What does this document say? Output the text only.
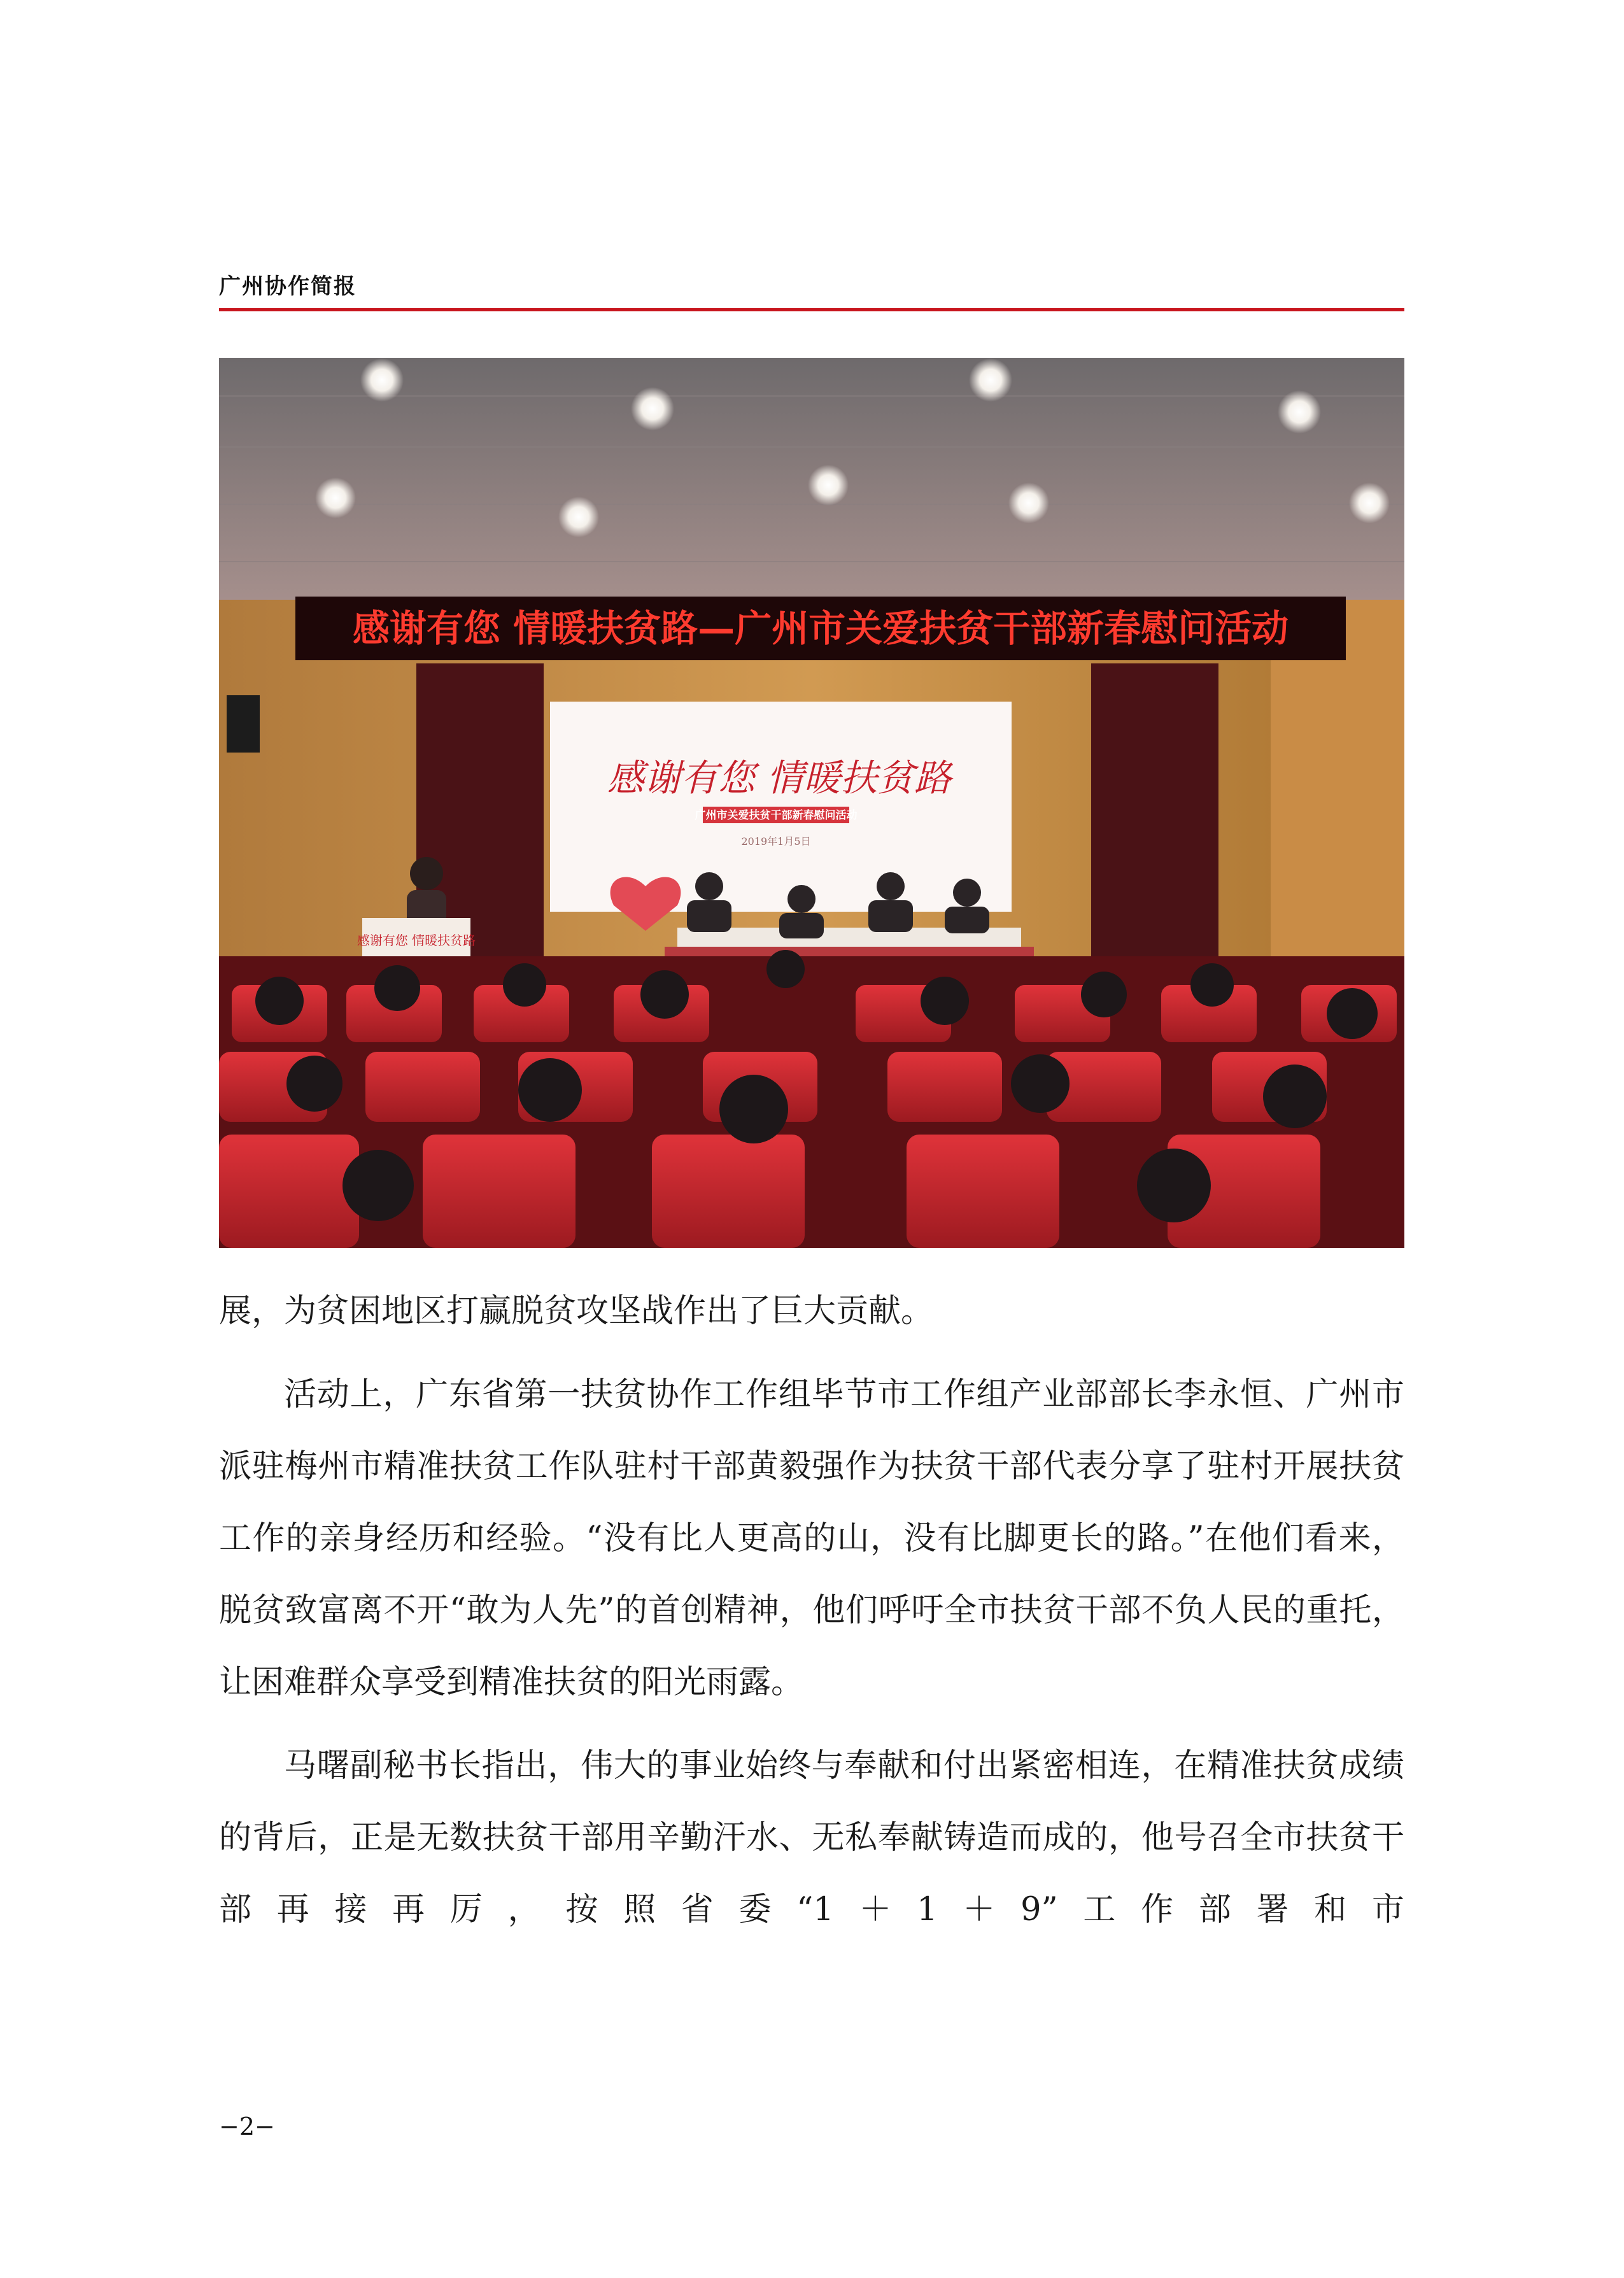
广州协作简报
感谢有您 情暖扶贫路—广州市关爱扶贫干部新春慰问活动
感谢有您 情暖扶贫路
广州市关爱扶贫干部新春慰问活动
2019年1月5日
感谢有您 情暖扶贫路

展，为贫困地区打赢脱贫攻坚战作出了巨大贡献。

活动上，广东省第一扶贫协作工作组毕节市工作组产业部部长李永恒、广州市派驻梅州市精准扶贫工作队驻村干部黄毅强作为扶贫干部代表分享了驻村开展扶贫工作的亲身经历和经验。“没有比人更高的山，没有比脚更长的路。”在他们看来，脱贫致富离不开“敢为人先”的首创精神，他们呼吁全市扶贫干部不负人民的重托，让困难群众享受到精准扶贫的阳光雨露。

马曙副秘书长指出，伟大的事业始终与奉献和付出紧密相连，在精准扶贫成绩的背后，正是无数扶贫干部用辛勤汗水、无私奉献铸造而成的，他号召全市扶贫干部再接再厉，按照省委“1＋1＋9”工作部署和市

−2−
